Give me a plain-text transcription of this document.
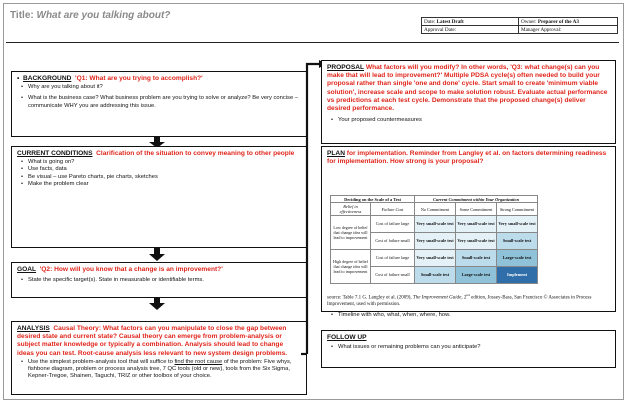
Title: What are you talking about?
Date: Latest Draft	Owner: Preparer of the A3
Approval Date:	Manager Approval:
•  BACKGROUND 'Q1: What are you trying to accomplish?'
• Why are you talking about it?
• What is the business case? What business problem are you trying to solve or analyze? Be very concise – communicate WHY you are addressing this issue.
CURRENT CONDITIONS Clarification of the situation to convey meaning to other people
• What is going on?
• Use facts, data
• Be visual – use Pareto charts, pie charts, sketches
• Make the problem clear
GOAL 'Q2: How will you know that a change is an improvement?'
• State the specific target(s). State in measurable or identifiable terms.
ANALYSIS Causal Theory: What factors can you manipulate to close the gap between desired state and current state? Causal theory can emerge from problem-analysis or subject matter knowledge or typically a combination. Analysis should lead to change ideas you can test. Root-cause analysis less relevant to new system design problems.
• Use the simplest problem-analysis tool that will suffice to find the root cause of the problem: Five whys, fishbone diagram, problem or process analysis tree, 7 QC tools (old or new), tools from the Six Sigma, Kepner-Tregoe, Shainen, Taguchi, TRIZ or other toolbox of your choice.
PROPOSAL What factors will you modify? In other words, 'Q3: what change(s) can you make that will lead to improvement?' Multiple PDSA cycle(s) often needed to build your proposal rather than single 'one and done' cycle. Start small to create 'minimum viable solution', increase scale and scope to make solution robust. Evaluate actual performance vs predictions at each test cycle. Demonstrate that the proposed change(s) deliver desired performance.
• Your proposed countermeasures
PLAN for implementation. Reminder from Langley et al. on factors determining readiness for implementation. How strong is your proposal?
Deciding on the Scale of a Test		Current Commitment within Your Organization		
Belief in effectiveness	Failure Cost	No Commitment	Some Commitment	Strong Commitment
Low degree of belief that change idea will lead to improvement	Cost of failure large	Very small-scale test	Very small-scale test	Very small-scale test
	Cost of failure small	Very small-scale test	Very small-scale test	Small-scale test
High degree of belief that change idea will lead to improvement	Cost of failure large	Very small-scale test	Small-scale test	Large-scale test
	Cost of failure small	Small-scale test	Large-scale test	Implement
source: Table 7.1 G. Langley et al. (2009), The Improvement Guide, 2nd edition, Jossey-Bass, San Francisco © Associates in Process Improvement, used with permission.
• Timeline with who, what, when, where, how.
FOLLOW UP
• What issues or remaining problems can you anticipate?
